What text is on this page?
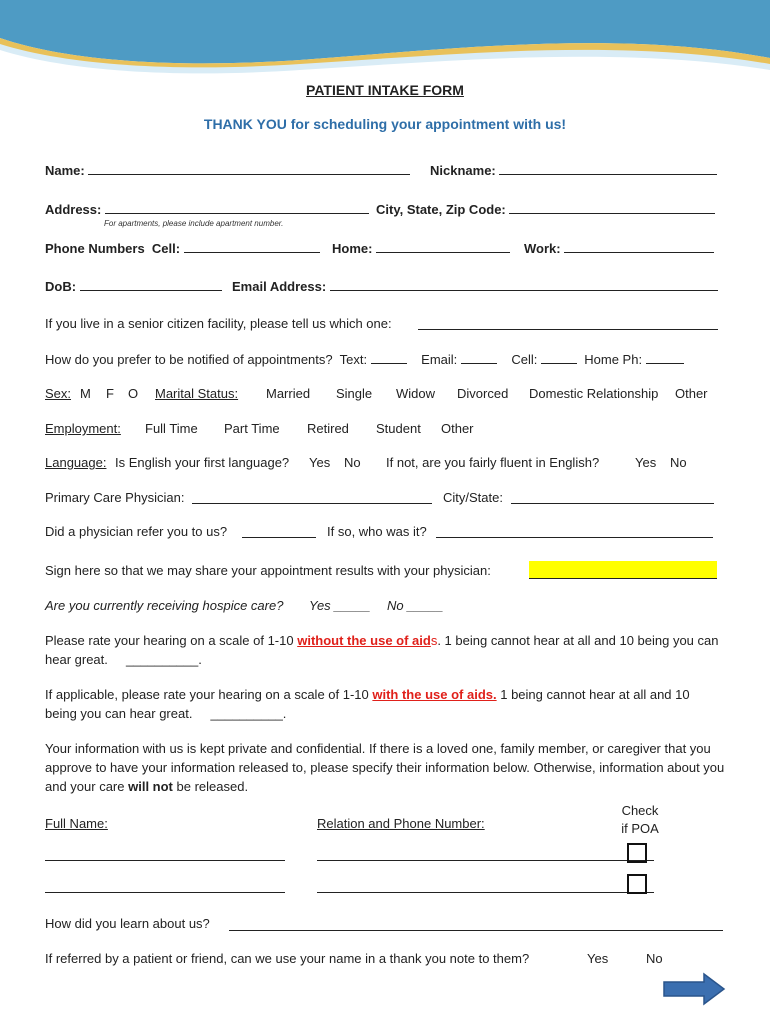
PATIENT INTAKE FORM
THANK YOU for scheduling your appointment with us!
Name:	Nickname:
Address:	City, State, Zip Code:
For apartments, please include apartment number.
Phone Numbers Cell:	Home:	Work:
DoB:	Email Address:
If you live in a senior citizen facility, please tell us which one:
How do you prefer to be notified of appointments? Text:	Email:	Cell:	Home Ph:
Sex: M F O Marital Status: Married Single Widow Divorced Domestic Relationship Other
Employment: Full Time Part Time Retired Student Other
Language: Is English your first language? Yes No If not, are you fairly fluent in English?	Yes No
Primary Care Physician:	City/State:
Did a physician refer you to us?	If so, who was it?
Sign here so that we may share your appointment results with your physician:
Are you currently receiving hospice care? Yes _____ No _____
Please rate your hearing on a scale of 1-10 without the use of aids. 1 being cannot hear at all and 10 being you can hear great. __________.
If applicable, please rate your hearing on a scale of 1-10 with the use of aids. 1 being cannot hear at all and 10 being you can hear great. __________.
Your information with us is kept private and confidential. If there is a loved one, family member, or caregiver that you approve to have your information released to, please specify their information below. Otherwise, information about you and your care will not be released.
Full Name:	Relation and Phone Number:
Check
if POA
How did you learn about us?
If referred by a patient or friend, can we use your name in a thank you note to them?	Yes	No
